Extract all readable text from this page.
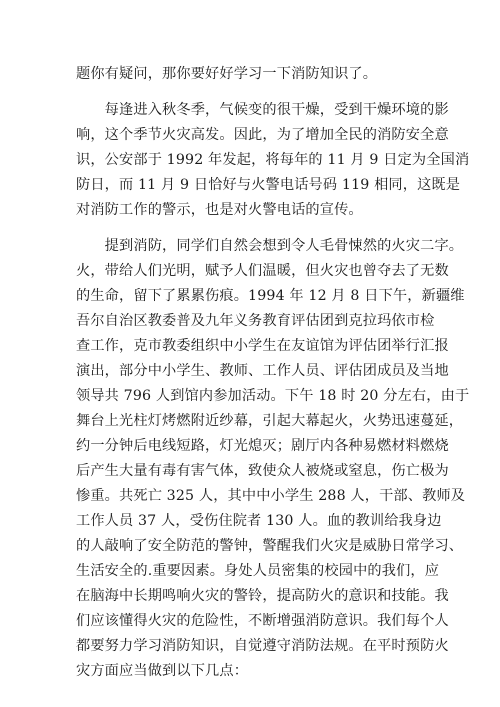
题你有疑问，那你要好好学习一下消防知识了。
　　每逢进入秋冬季，气候变的很干燥，受到干燥环境的影
响，这个季节火灾高发。因此，为了增加全民的消防安全意
识，公安部于 1992 年发起，将每年的 11 月 9 日定为全国消
防日，而 11 月 9 日恰好与火警电话号码 119 相同，这既是
对消防工作的警示，也是对火警电话的宣传。
　　提到消防，同学们自然会想到令人毛骨悚然的火灾二字。
火，带给人们光明，赋予人们温暖，但火灾也曾夺去了无数
的生命，留下了累累伤痕。1994 年 12 月 8 日下午，新疆维
吾尔自治区教委普及九年义务教育评估团到克拉玛依市检
查工作，克市教委组织中小学生在友谊馆为评估团举行汇报
演出，部分中小学生、教师、工作人员、评估团成员及当地
领导共 796 人到馆内参加活动。下午 18 时 20 分左右，由于
舞台上光柱灯烤燃附近纱幕，引起大幕起火，火势迅速蔓延，
约一分钟后电线短路，灯光熄灭；剧厅内各种易燃材料燃烧
后产生大量有毒有害气体，致使众人被烧或窒息，伤亡极为
惨重。共死亡 325 人，其中中小学生 288 人，干部、教师及
工作人员 37 人，受伤住院者 130 人。血的教训给我身边
的人敲响了安全防范的警钟，警醒我们火灾是威胁日常学习、
生活安全的.重要因素。身处人员密集的校园中的我们，应
在脑海中长期鸣响火灾的警铃，提高防火的意识和技能。我
们应该懂得火灾的危险性，不断增强消防意识。我们每个人
都要努力学习消防知识，自觉遵守消防法规。在平时预防火
灾方面应当做到以下几点：
